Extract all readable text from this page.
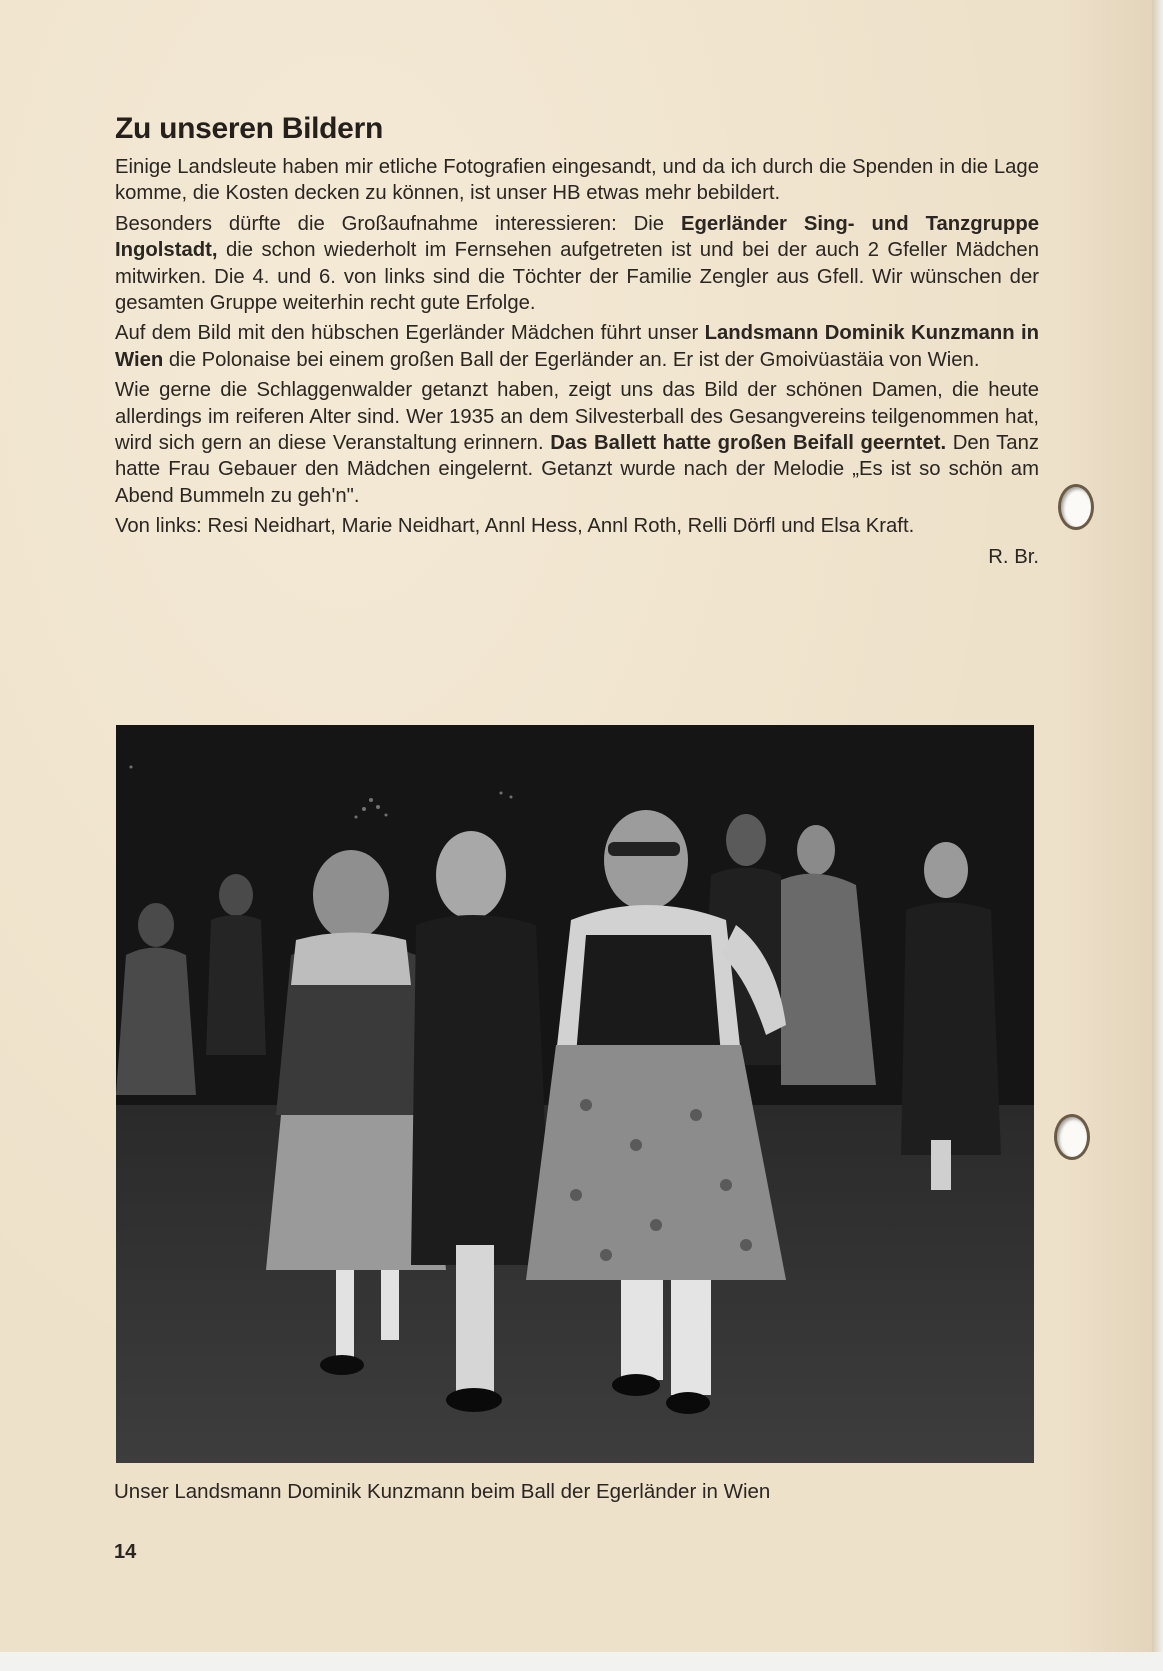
Zu unseren Bildern

Einige Landsleute haben mir etliche Fotografien eingesandt, und da ich durch die Spenden in die Lage komme, die Kosten decken zu können, ist unser HB etwas mehr bebildert.

Besonders dürfte die Großaufnahme interessieren: Die Egerländer Sing- und Tanzgruppe Ingolstadt, die schon wiederholt im Fernsehen aufgetreten ist und bei der auch 2 Gfeller Mädchen mitwirken. Die 4. und 6. von links sind die Töchter der Familie Zengler aus Gfell. Wir wünschen der gesamten Gruppe weiterhin recht gute Erfolge.

Auf dem Bild mit den hübschen Egerländer Mädchen führt unser Landsmann Dominik Kunzmann in Wien die Polonaise bei einem großen Ball der Egerländer an. Er ist der Gmoivüastäia von Wien.

Wie gerne die Schlaggenwalder getanzt haben, zeigt uns das Bild der schönen Damen, die heute allerdings im reiferen Alter sind. Wer 1935 an dem Silvesterball des Gesangvereins teilgenommen hat, wird sich gern an diese Veranstaltung erinnern. Das Ballett hatte großen Beifall geerntet. Den Tanz hatte Frau Gebauer den Mädchen eingelernt. Getanzt wurde nach der Melodie „Es ist so schön am Abend Bummeln zu geh'n".

Von links: Resi Neidhart, Marie Neidhart, Annl Hess, Annl Roth, Relli Dörfl und Elsa Kraft.

R. Br.
Unser Landsmann Dominik Kunzmann beim Ball der Egerländer in Wien
14
